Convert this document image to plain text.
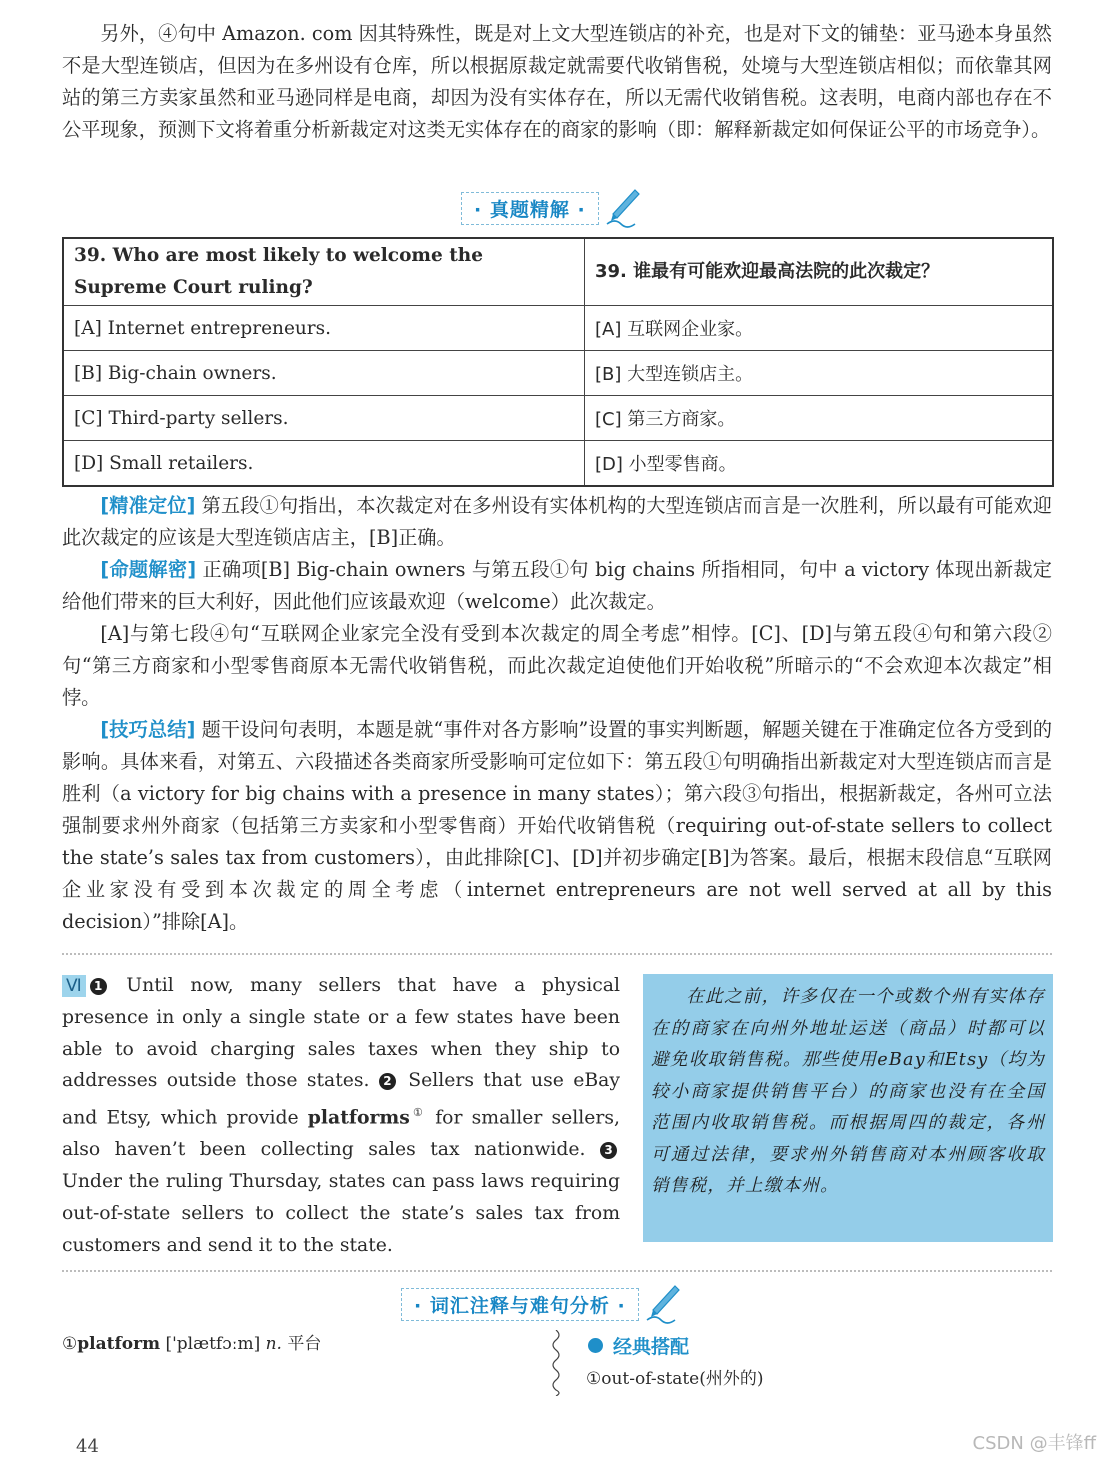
另外，④句中 Amazon. com 因其特殊性，既是对上文大型连锁店的补充，也是对下文的铺垫：亚马逊本身虽然不是大型连锁店，但因为在多州设有仓库，所以根据原裁定就需要代收销售税，处境与大型连锁店相似；而依靠其网站的第三方卖家虽然和亚马逊同样是电商，却因为没有实体存在，所以无需代收销售税。这表明，电商内部也存在不公平现象，预测下文将着重分析新裁定对这类无实体存在的商家的影响（即：解释新裁定如何保证公平的市场竞争）。

· 真题精解 ·
39. Who are most likely to welcome the Supreme Court ruling?	39. 谁最有可能欢迎最高法院的此次裁定？
[A] Internet entrepreneurs.	[A] 互联网企业家。
[B] Big-chain owners.	[B] 大型连锁店主。
[C] Third-party sellers.	[C] 第三方商家。
[D] Small retailers.	[D] 小型零售商。

[精准定位] 第五段①句指出，本次裁定对在多州设有实体机构的大型连锁店而言是一次胜利，所以最有可能欢迎此次裁定的应该是大型连锁店店主，[B]正确。

[命题解密] 正确项[B] Big-chain owners 与第五段①句 big chains 所指相同，句中 a victory 体现出新裁定给他们带来的巨大利好，因此他们应该最欢迎（welcome）此次裁定。

[A]与第七段④句“互联网企业家完全没有受到本次裁定的周全考虑”相悖。[C]、[D]与第五段④句和第六段②句“第三方商家和小型零售商原本无需代收销售税，而此次裁定迫使他们开始收税”所暗示的“不会欢迎本次裁定”相悖。

[技巧总结] 题干设问句表明，本题是就“事件对各方影响”设置的事实判断题，解题关键在于准确定位各方受到的影响。具体来看，对第五、六段描述各类商家所受影响可定位如下：第五段①句明确指出新裁定对大型连锁店而言是胜利（a victory for big chains with a presence in many states）；第六段③句指出，根据新裁定，各州可立法强制要求州外商家（包括第三方卖家和小型零售商）开始代收销售税（requiring out-of-state sellers to collect the state’s sales tax from customers），由此排除[C]、[D]并初步确定[B]为答案。最后，根据末段信息“互联网企业家没有受到本次裁定的周全考虑（internet entrepreneurs are not well served at all by this decision）”排除[A]。

Ⅵ 1 Until now, many sellers that have a physical presence in only a single state or a few states have been able to avoid charging sales taxes when they ship to addresses outside those states. 2 Sellers that use eBay and Etsy, which provide platforms① for smaller sellers, also haven’t been collecting sales tax nationwide. 3 Under the ruling Thursday, states can pass laws requiring out-of-state sellers to collect the state’s sales tax from customers and send it to the state.

在此之前，许多仅在一个或数个州有实体存在的商家在向州外地址运送（商品）时都可以避免收取销售税。那些使用eBay和Etsy（均为较小商家提供销售平台）的商家也没有在全国范围内收取销售税。而根据周四的裁定，各州可通过法律，要求州外销售商对本州顾客收取销售税，并上缴本州。

· 词汇注释与难句分析 ·
①platform ['plætfɔːm] n. 平台	经典搭配
①out-of-state(州外的)
44	CSDN @丰锋ff
